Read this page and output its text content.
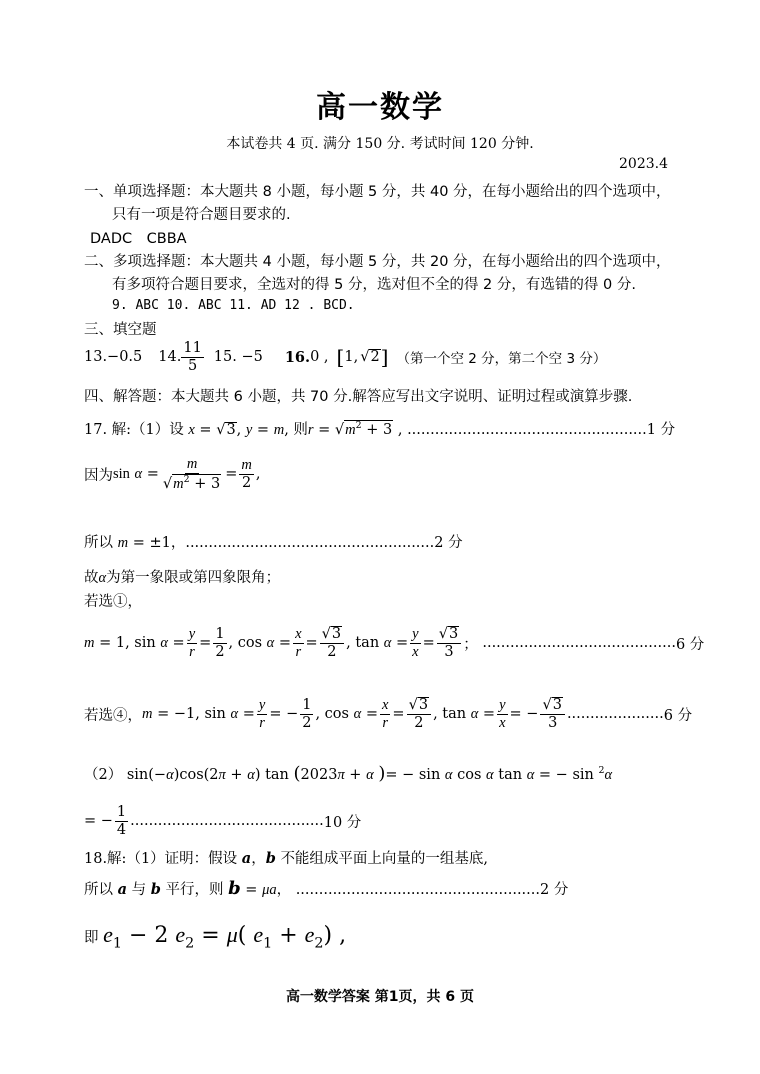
高一数学
本试卷共 4 页. 满分 150 分. 考试时间 120 分钟.
2023.4
一、单项选择题：本大题共 8 小题，每小题 5 分，共 40 分，在每小题给出的四个选项中，
只有一项是符合题目要求的.
DADC　CBBA
二、多项选择题：本大题共 4 小题，每小题 5 分，共 20 分，在每小题给出的四个选项中，
有多项符合题目要求，全选对的得 5 分，选对但不全的得 2 分，有选错的得 0 分.
9. ABC 10. ABC 11. AD 12 . BCD.
三、填空题
13.−0.5 14. $\frac{11}{5} 15$. −5 16. 0 , [ 1, √2 ] （第一个空 2 分，第二个空 3 分）
四、解答题：本大题共 6 小题，共 70 分.解答应写出文字说明、证明过程或演算步骤.
17. 解:（1）设 x = √3, y = m, 则$r = √m^2 + 3$ , ....................................................1 分
因为 sin
$\alpha = \frac{m}{√m^2 + 3} = \frac{m}{2}$ ,
所以 m = ±1，......................................................2 分
故α为第一象限或第四象限角；
若选①，
m = 1, $\sin \alpha = \frac{y}{r} = \frac{1}{2}$ , $\cos \alpha = \frac{x}{r} = \frac{√3}{2}$ , $\tan \alpha = \frac{y}{x} = \frac{√3}{3}$ ； .......................................... 6 分
若选④， m = −1, $\sin \alpha = \frac{y}{r}$ = − $\frac{1}{2}$ , $\cos \alpha = \frac{x}{r} = \frac{√3}{2}$ , $\tan \alpha = \frac{y}{x}$ = − $\frac{√3}{3}$ ..................... 6 分
（2） sin(−α)cos(2π + α) tan (2023π + α )= − sin α cos α tan α = − sin $^2$α
= − $\frac{1}{4}$ .......................................... 10 分
18.解:（1）证明：假设 a，b 不能组成平面上向量的一组基底,
所以 a 与 b 平行，则 b = μa， .....................................................2 分
即 $e_1 - 2$ $e_2 = \mu$( $e_1 + e_2$) ,
高一数学答案 第1页，共 6 页
